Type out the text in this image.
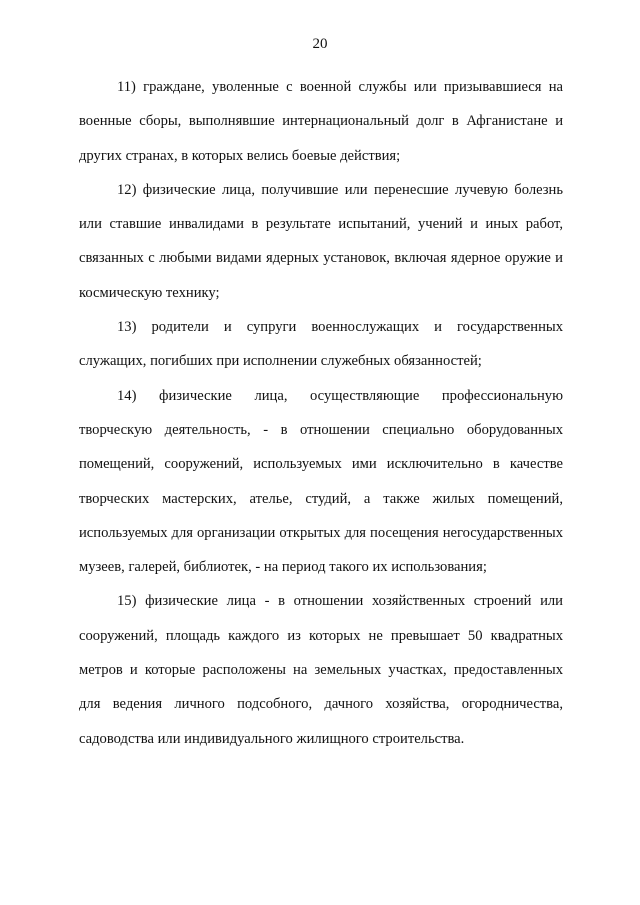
20

11) граждане, уволенные с военной службы или призывавшиеся на военные сборы, выполнявшие интернациональный долг в Афганистане и других странах, в которых велись боевые действия;

12) физические лица, получившие или перенесшие лучевую болезнь или ставшие инвалидами в результате испытаний, учений и иных работ, связанных с любыми видами ядерных установок, включая ядерное оружие и космическую технику;

13) родители и супруги военнослужащих и государственных служащих, погибших при исполнении служебных обязанностей;

14) физические лица, осуществляющие профессиональную творческую деятельность, - в отношении специально оборудованных помещений, сооружений, используемых ими исключительно в качестве творческих мастерских, ателье, студий, а также жилых помещений, используемых для организации открытых для посещения негосударственных музеев, галерей, библиотек, - на период такого их использования;

15) физические лица - в отношении хозяйственных строений или сооружений, площадь каждого из которых не превышает 50 квадратных метров и которые расположены на земельных участках, предоставленных для ведения личного подсобного, дачного хозяйства, огородничества, садоводства или индивидуального жилищного строительства.
